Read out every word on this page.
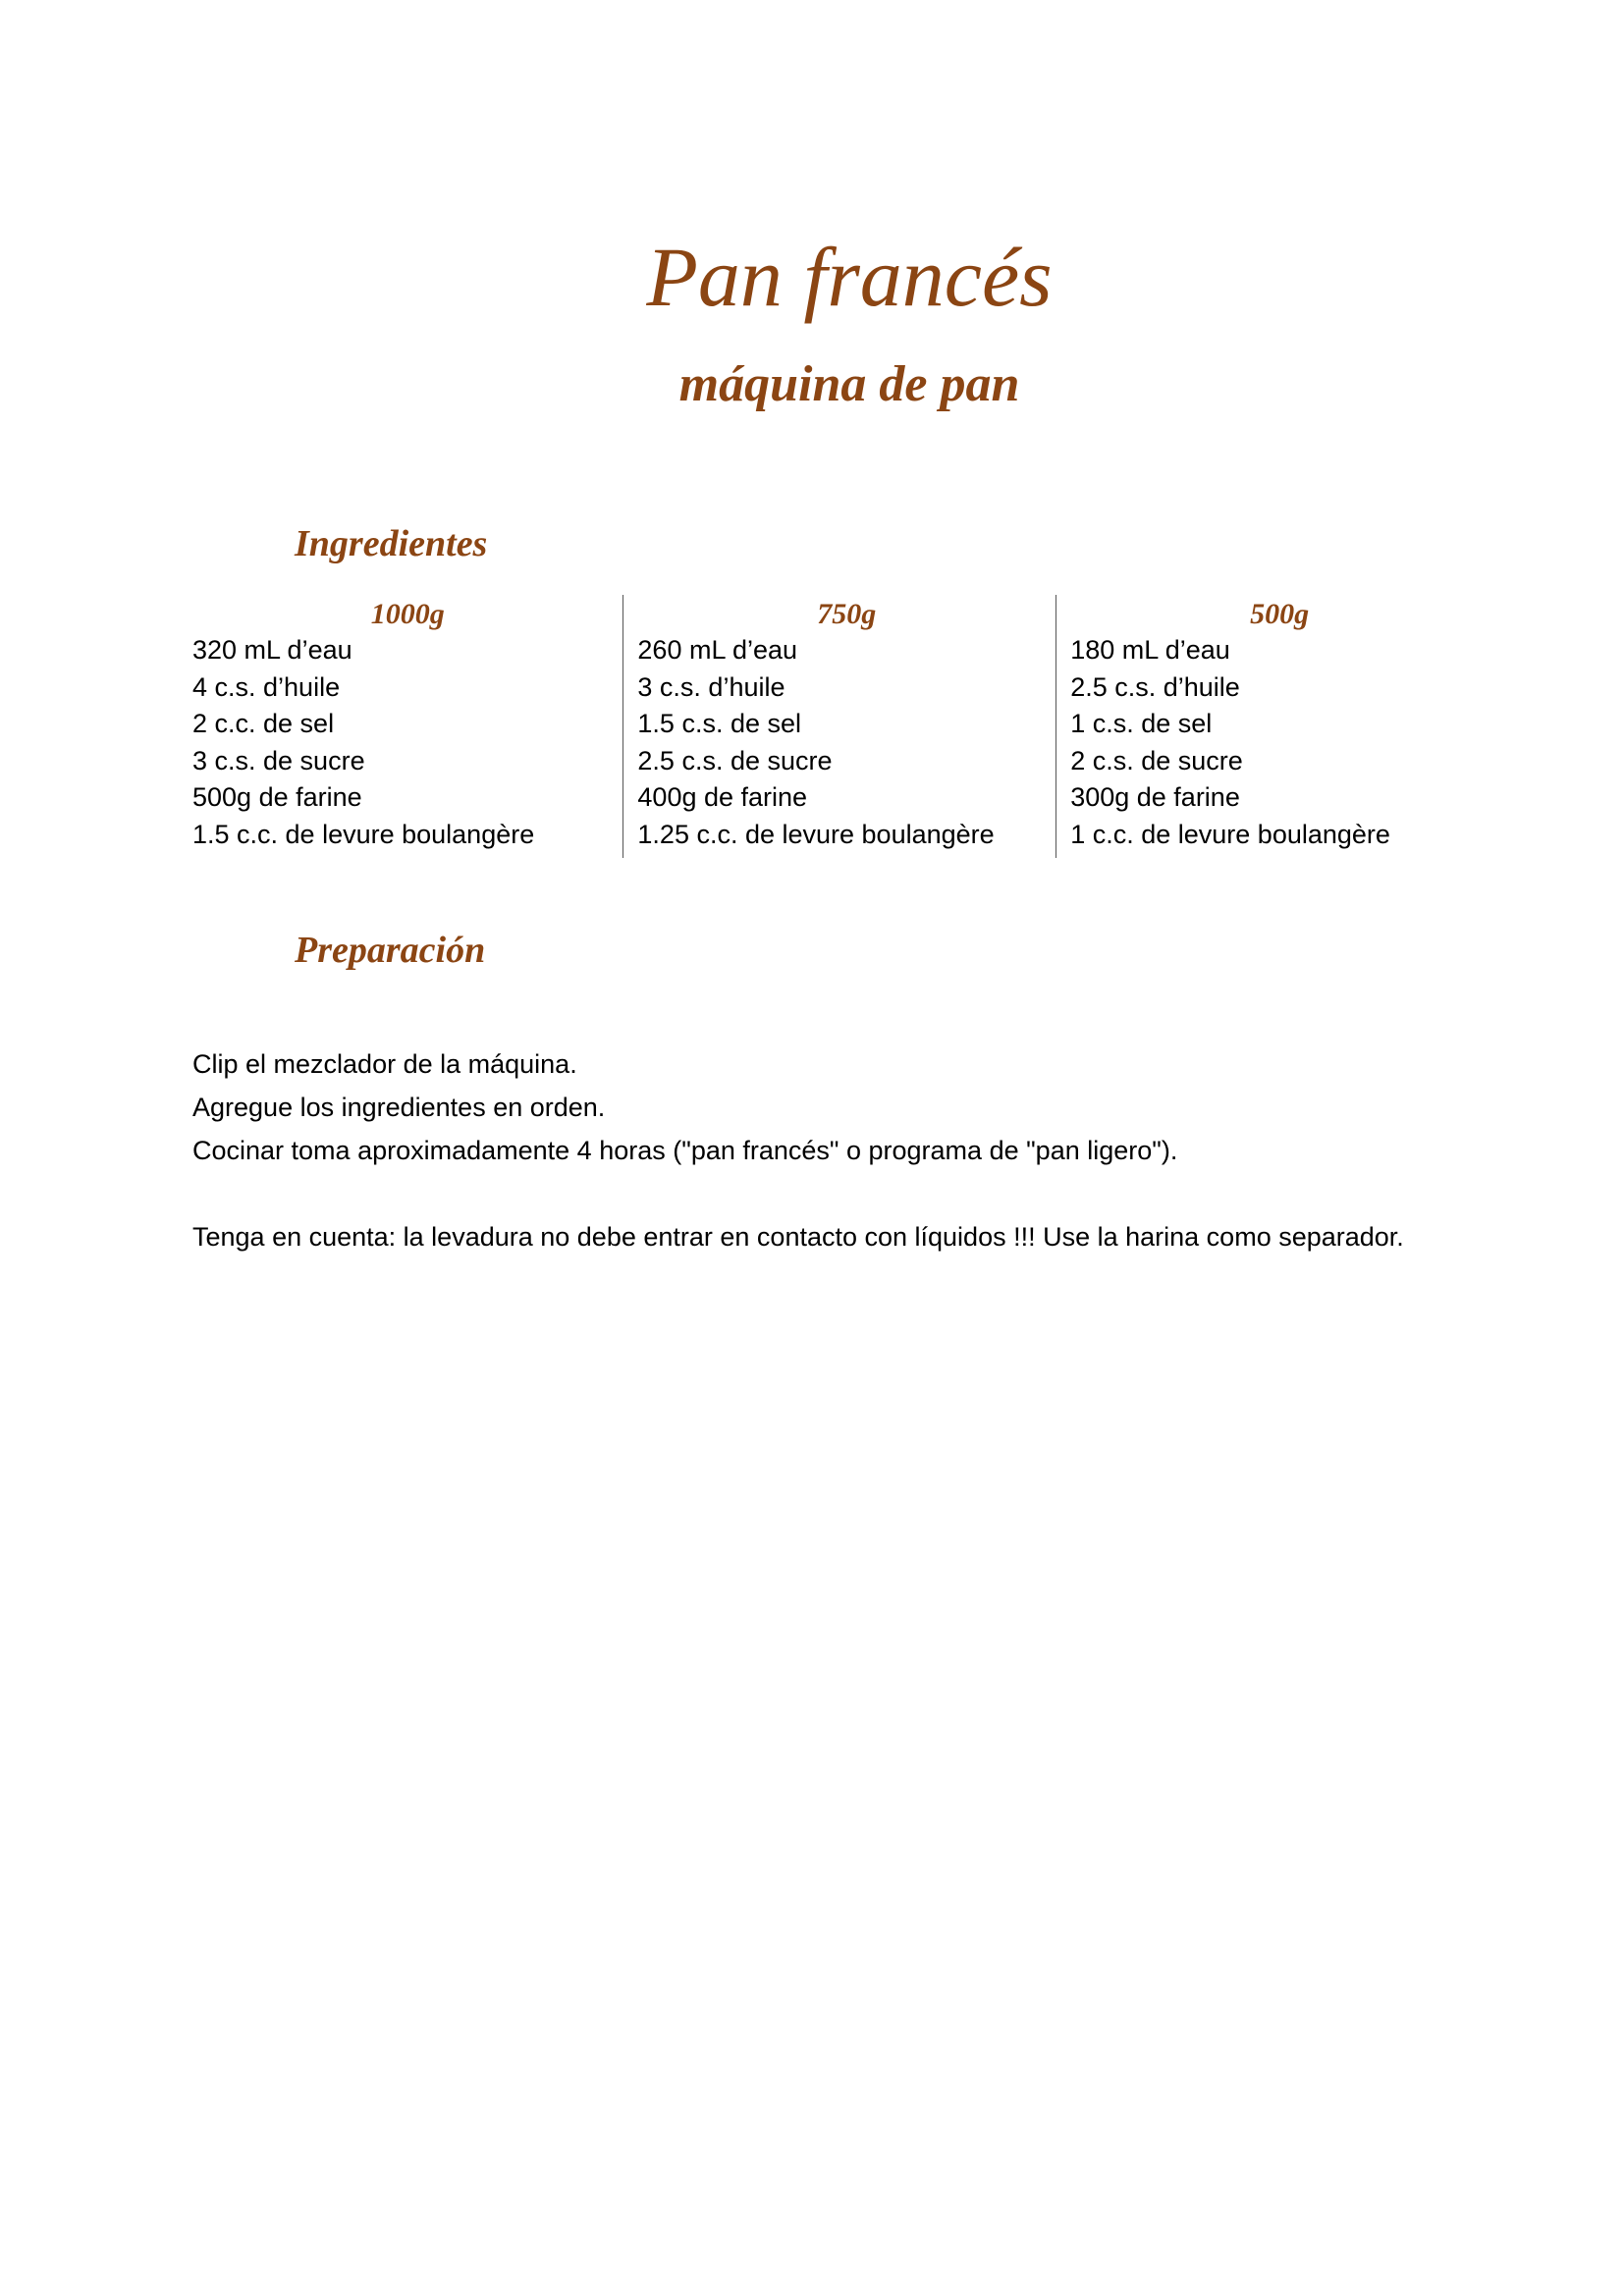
Pan francés
máquina de pan
Ingredientes
1000g
320 mL d’eau
4 c.s. d’huile
2 c.c. de sel
3 c.s. de sucre
500g de farine
1.5 c.c. de levure boulangère
750g
260 mL d’eau
3 c.s. d’huile
1.5 c.s. de sel
2.5 c.s. de sucre
400g de farine
1.25 c.c. de levure boulangère
500g
180 mL d’eau
2.5 c.s. d’huile
1 c.s. de sel
2 c.s. de sucre
300g de farine
1 c.c. de levure boulangère
Preparación

Clip el mezclador de la máquina.

Agregue los ingredientes en orden.

Cocinar toma aproximadamente 4 horas ("pan francés" o programa de "pan ligero").

Tenga en cuenta: la levadura no debe entrar en contacto con líquidos !!! Use la harina como separador.
